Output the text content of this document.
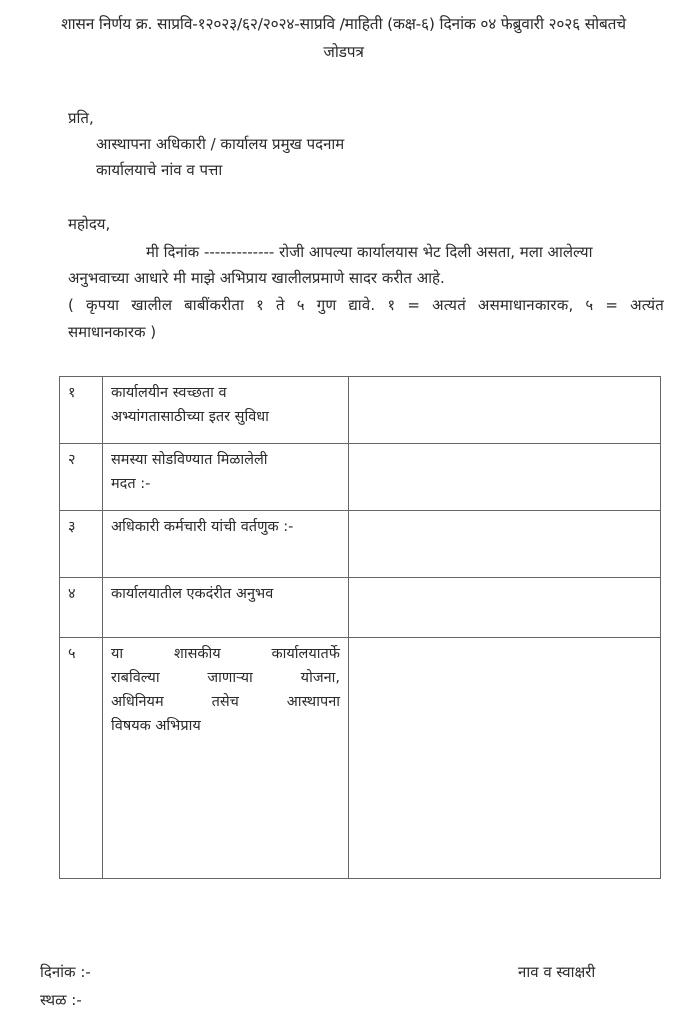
शासन निर्णय क्र. साप्रवि-१२०२३/६२/२०२४-साप्रवि /माहिती (कक्ष-६) दिनांक ०४ फेब्रुवारी २०२६ सोबतचे
जोडपत्र
प्रति,
आस्थापना अधिकारी / कार्यालय प्रमुख पदनाम
कार्यालयाचे नांव व पत्ता
महोदय,
मी दिनांक ------------- रोजी आपल्या कार्यालयास भेट दिली असता, मला आलेल्या
अनुभवाच्या आधारे मी माझे अभिप्राय खालीलप्रमाणे सादर करीत आहे.
( कृपया खालील बाबींकरीता १ ते ५ गुण द्यावे. १ = अत्यतं असमाधानकारक, ५ = अत्यंत
समाधानकारक )
१	कार्यालयीन स्वच्छता व
अभ्यांगतासाठीच्या इतर सुविधा	

२	समस्या सोडविण्यात मिळालेली
मदत :-	

३	अधिकारी कर्मचारी यांची वर्तणुक :-	

४	कार्यालयातील एकदंरीत अनुभव	

५	या शासकीय कार्यालयातर्फे
राबविल्या जाणाऱ्या योजना,
अधिनियम तसेच आस्थापना
विषयक अभिप्राय	

दिनांक :-
स्थळ :-
नाव व स्वाक्षरी
